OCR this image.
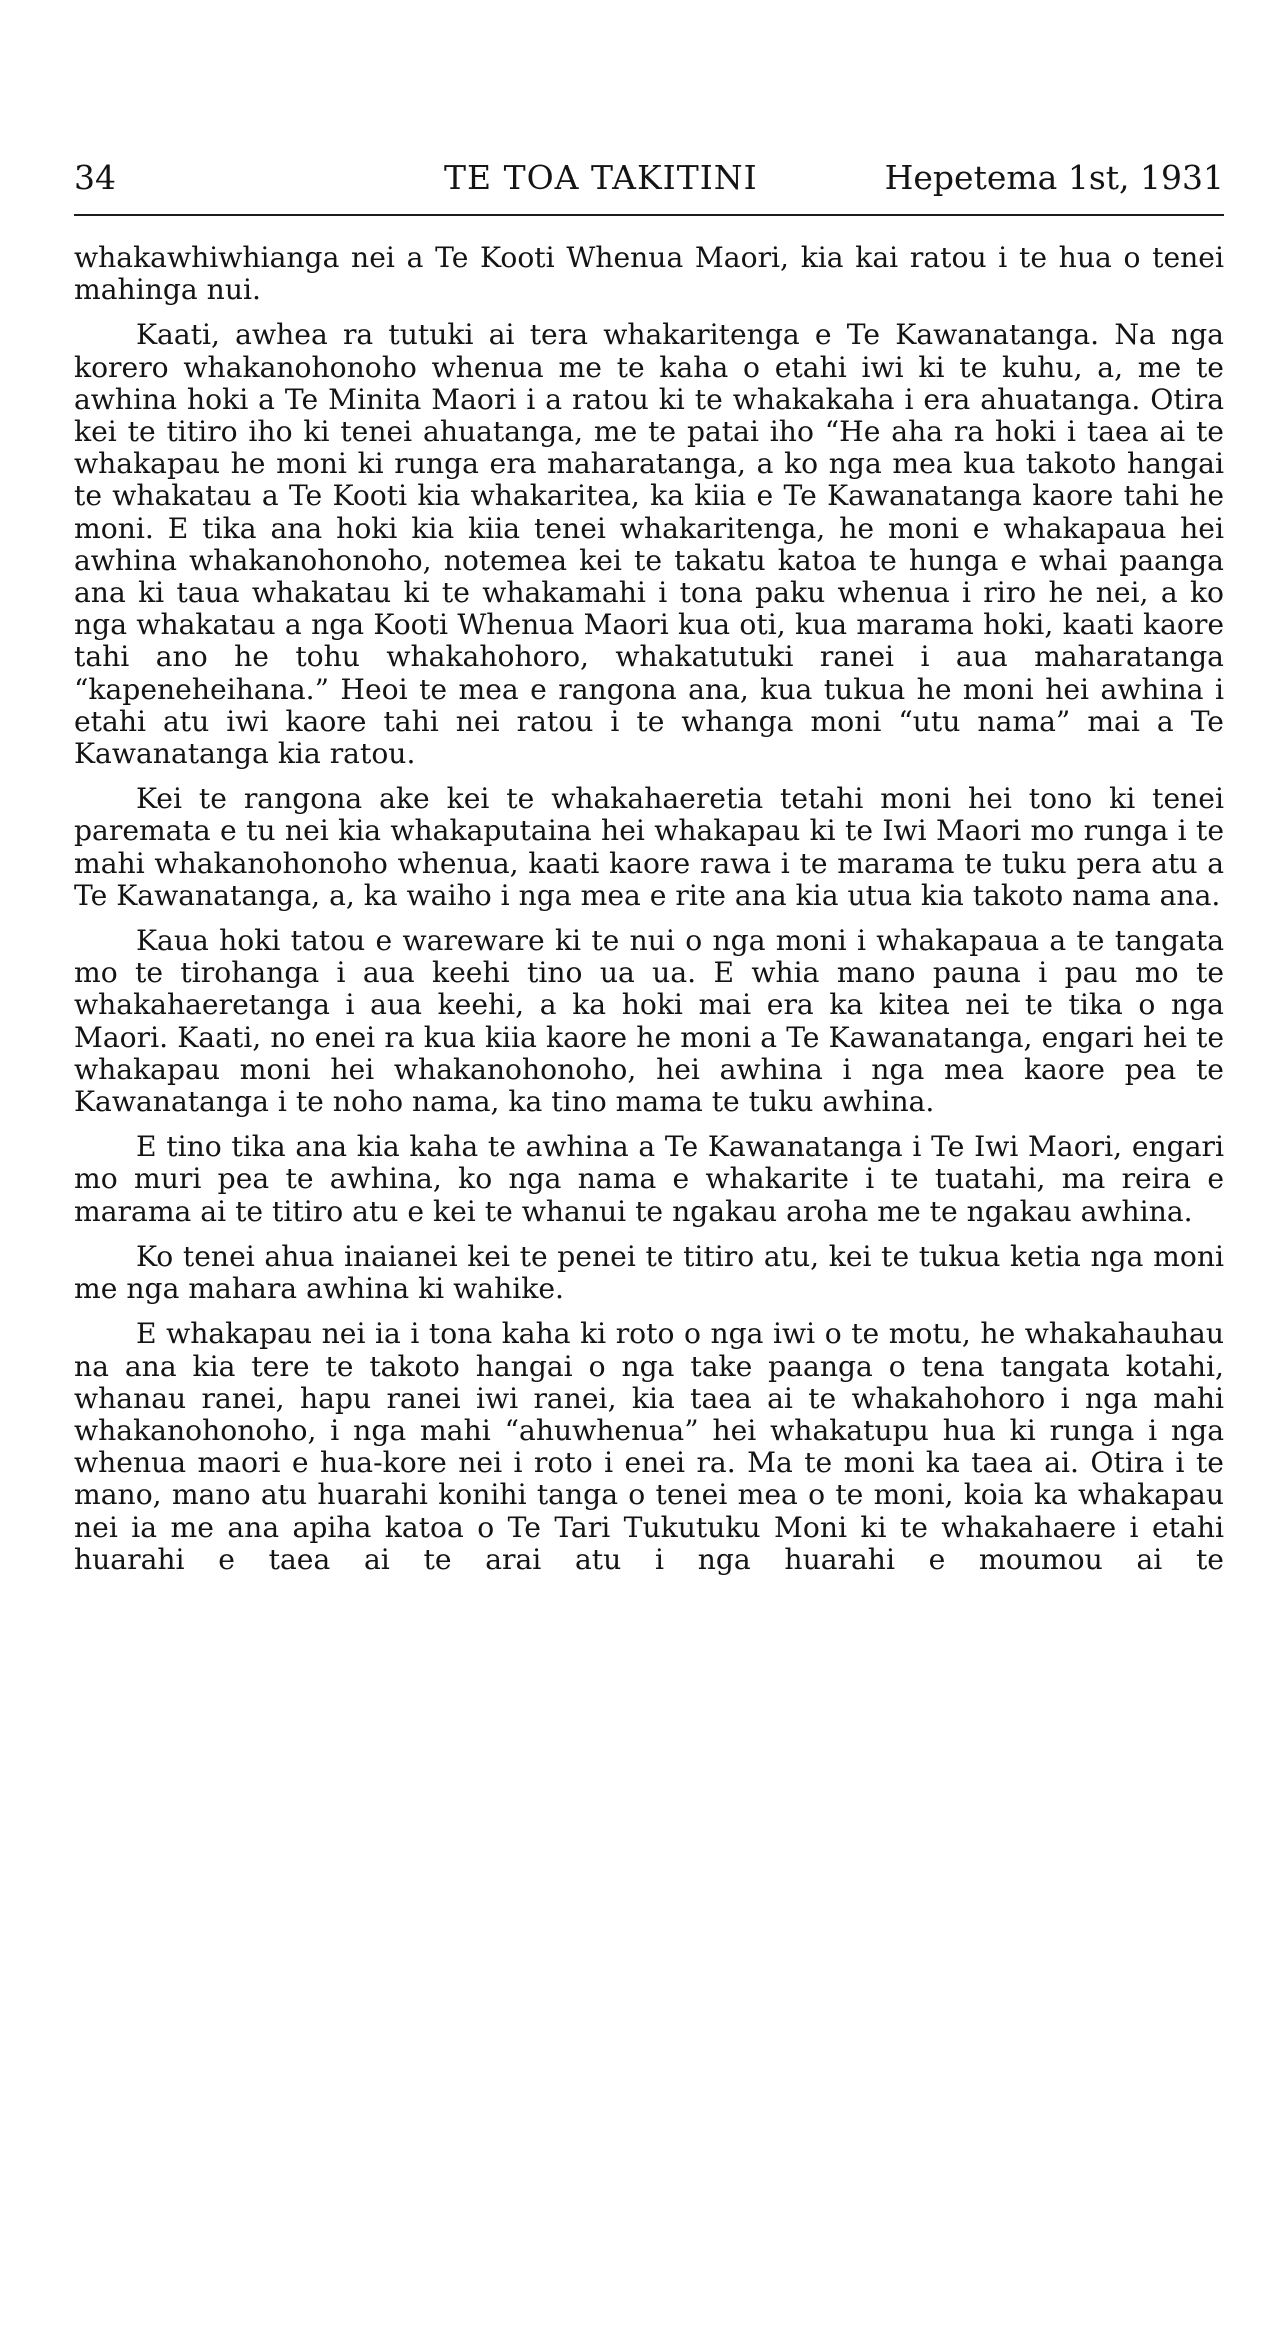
34	TE TOA TAKITINI	Hepetema 1st, 1931

whakawhiwhianga nei a Te Kooti Whenua Maori, kia kai ratou i te hua o tenei mahinga nui.

Kaati, awhea ra tutuki ai tera whakaritenga e Te Kawanatanga. Na nga korero whakanohonoho whenua me te kaha o etahi iwi ki te kuhu, a, me te awhina hoki a Te Minita Maori i a ratou ki te whakakaha i era ahuatanga. Otira kei te titiro iho ki tenei ahuatanga, me te patai iho “He aha ra hoki i taea ai te whakapau he moni ki runga era maharatanga, a ko nga mea kua takoto hangai te whakatau a Te Kooti kia whakaritea, ka kiia e Te Kawanatanga kaore tahi he moni. E tika ana hoki kia kiia tenei whakaritenga, he moni e whakapaua hei awhina whakanohonoho, notemea kei te takatu katoa te hunga e whai paanga ana ki taua whakatau ki te whakamahi i tona paku whenua i riro he nei, a ko nga whakatau a nga Kooti Whenua Maori kua oti, kua marama hoki, kaati kaore tahi ano he tohu whakahohoro, whakatutuki ranei i aua maharatanga “kapeneheihana.” Heoi te mea e rangona ana, kua tukua he moni hei awhina i etahi atu iwi kaore tahi nei ratou i te whanga moni “utu nama” mai a Te Kawanatanga kia ratou.

Kei te rangona ake kei te whakahaeretia tetahi moni hei tono ki tenei paremata e tu nei kia whakaputaina hei whakapau ki te Iwi Maori mo runga i te mahi whakanohonoho whenua, kaati kaore rawa i te marama te tuku pera atu a Te Kawanatanga, a, ka waiho i nga mea e rite ana kia utua kia takoto nama ana.

Kaua hoki tatou e wareware ki te nui o nga moni i whakapaua a te tangata mo te tirohanga i aua keehi tino ua ua. E whia mano pauna i pau mo te whakahaeretanga i aua keehi, a ka hoki mai era ka kitea nei te tika o nga Maori. Kaati, no enei ra kua kiia kaore he moni a Te Kawanatanga, engari hei te whakapau moni hei whakanohonoho, hei awhina i nga mea kaore pea te Kawanatanga i te noho nama, ka tino mama te tuku awhina.

E tino tika ana kia kaha te awhina a Te Kawanatanga i Te Iwi Maori, engari mo muri pea te awhina, ko nga nama e whakarite i te tuatahi, ma reira e marama ai te titiro atu e kei te whanui te ngakau aroha me te ngakau awhina.

Ko tenei ahua inaianei kei te penei te titiro atu, kei te tukua ketia nga moni me nga mahara awhina ki wahike.

E whakapau nei ia i tona kaha ki roto o nga iwi o te motu, he whakahauhau na ana kia tere te takoto hangai o nga take paanga o tena tangata kotahi, whanau ranei, hapu ranei iwi ranei, kia taea ai te whakahohoro i nga mahi whakanohonoho, i nga mahi “ahuwhenua” hei whakatupu hua ki runga i nga whenua maori e hua-kore nei i roto i enei ra. Ma te moni ka taea ai. Otira i te mano, mano atu huarahi konihi tanga o tenei mea o te moni, koia ka whakapau nei ia me ana apiha katoa o Te Tari Tukutuku Moni ki te whakahaere i etahi huarahi e taea ai te arai atu i nga huarahi e moumou ai te
